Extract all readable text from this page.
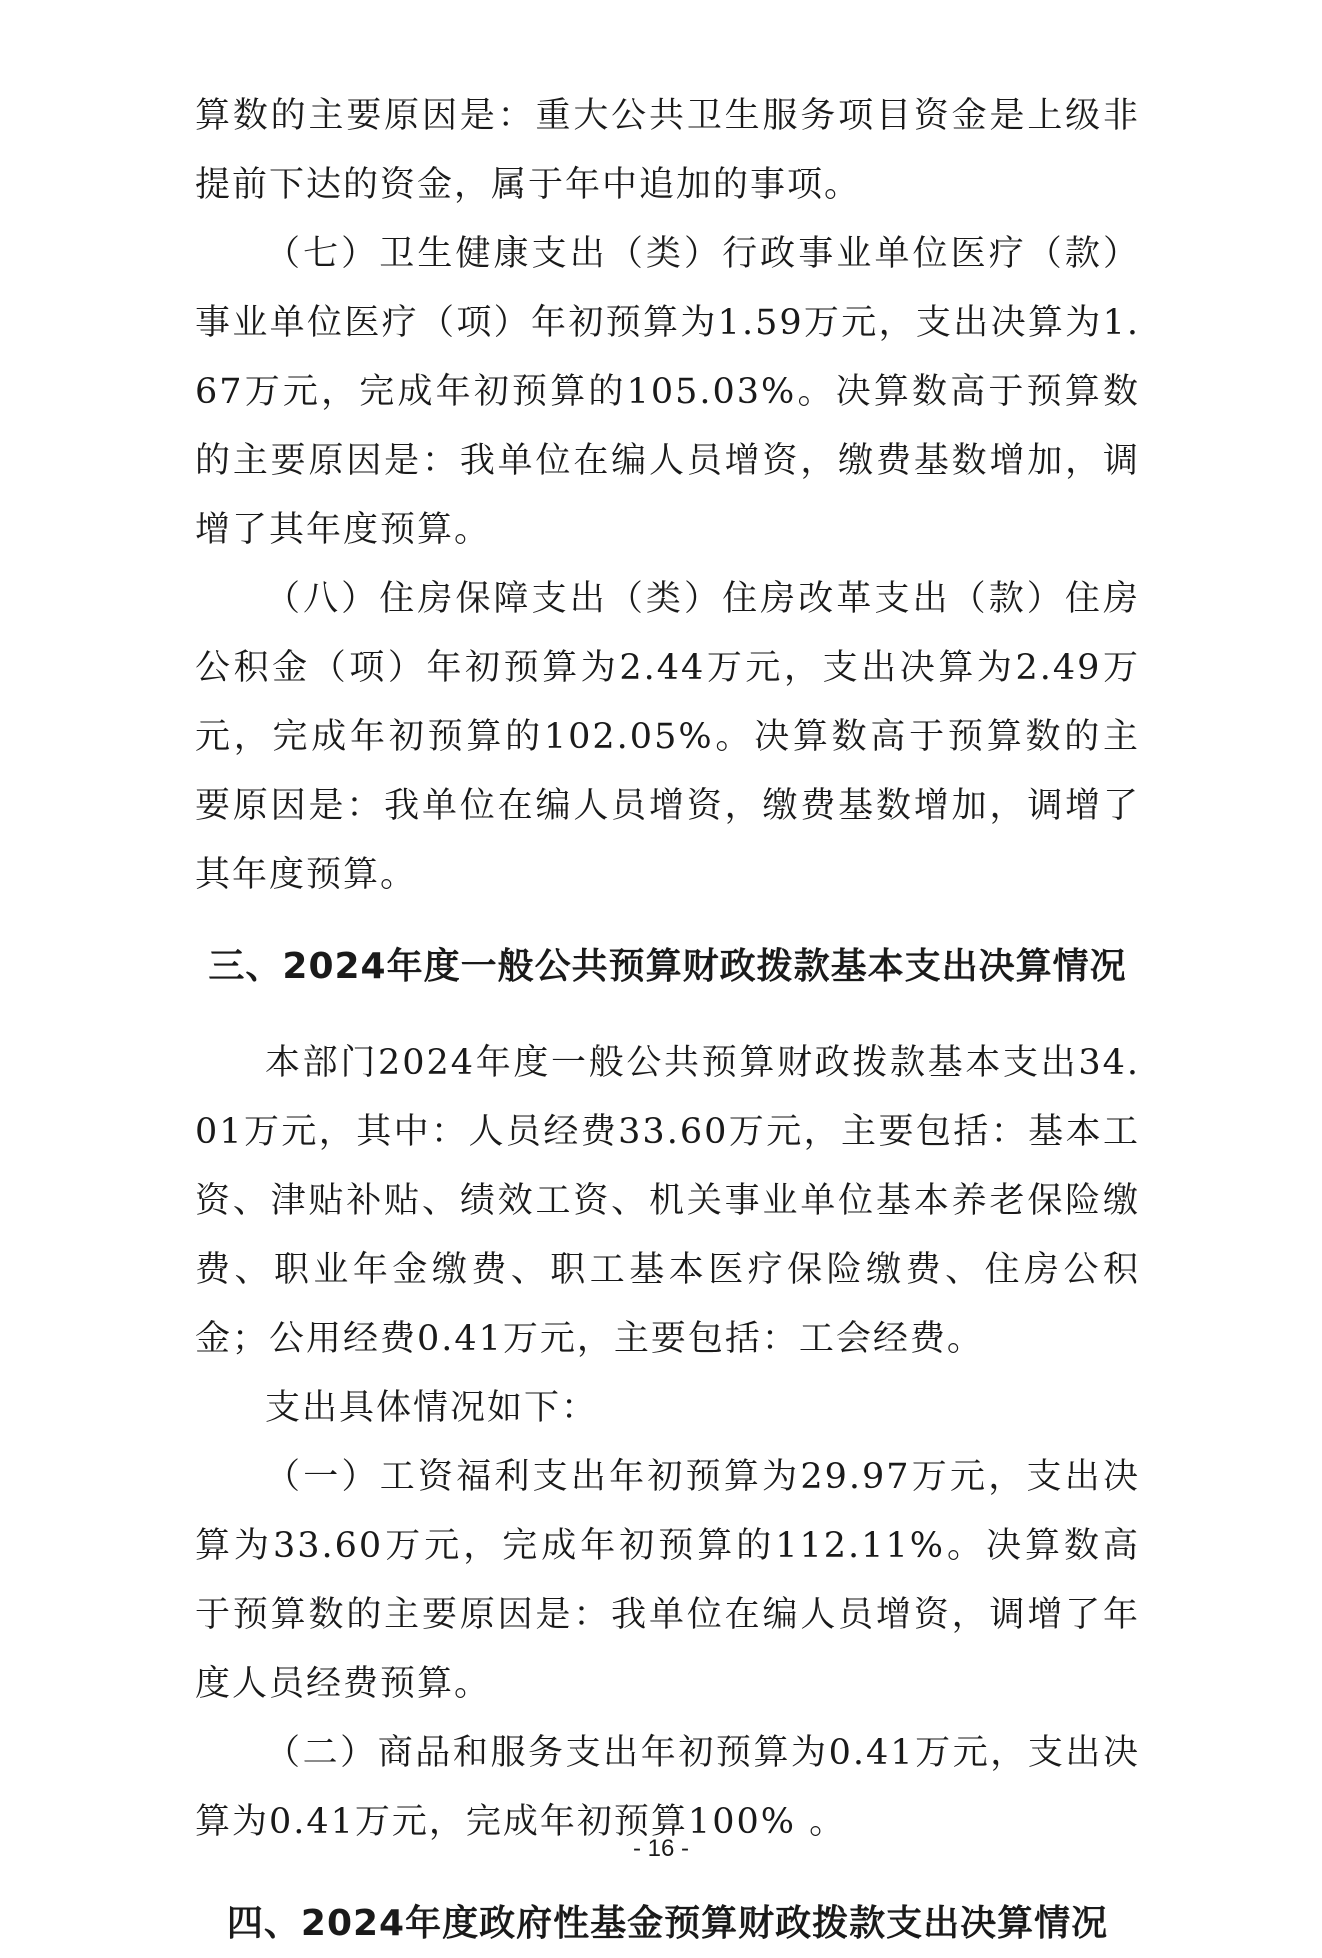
算数的主要原因是：重大公共卫生服务项目资金是上级非提前下达的资金，属于年中追加的事项。

（七）卫生健康支出（类）行政事业单位医疗（款）事业单位医疗（项）年初预算为1.59万元，支出决算为1.67万元，完成年初预算的105.03%。决算数高于预算数的主要原因是：我单位在编人员增资，缴费基数增加，调增了其年度预算。

（八）住房保障支出（类）住房改革支出（款）住房公积金（项）年初预算为2.44万元，支出决算为2.49万元，完成年初预算的102.05%。决算数高于预算数的主要原因是：我单位在编人员增资，缴费基数增加，调增了其年度预算。

三、2024年度一般公共预算财政拨款基本支出决算情况

本部门2024年度一般公共预算财政拨款基本支出34.01万元，其中：人员经费33.60万元，主要包括：基本工资、津贴补贴、绩效工资、机关事业单位基本养老保险缴费、职业年金缴费、职工基本医疗保险缴费、住房公积金；公用经费0.41万元，主要包括：工会经费。

支出具体情况如下：

（一）工资福利支出年初预算为29.97万元，支出决算为33.60万元，完成年初预算的112.11%。决算数高于预算数的主要原因是：我单位在编人员增资，调增了年度人员经费预算。

（二）商品和服务支出年初预算为0.41万元，支出决算为0.41万元，完成年初预算100% 。

四、2024年度政府性基金预算财政拨款支出决算情况
- 16 -
